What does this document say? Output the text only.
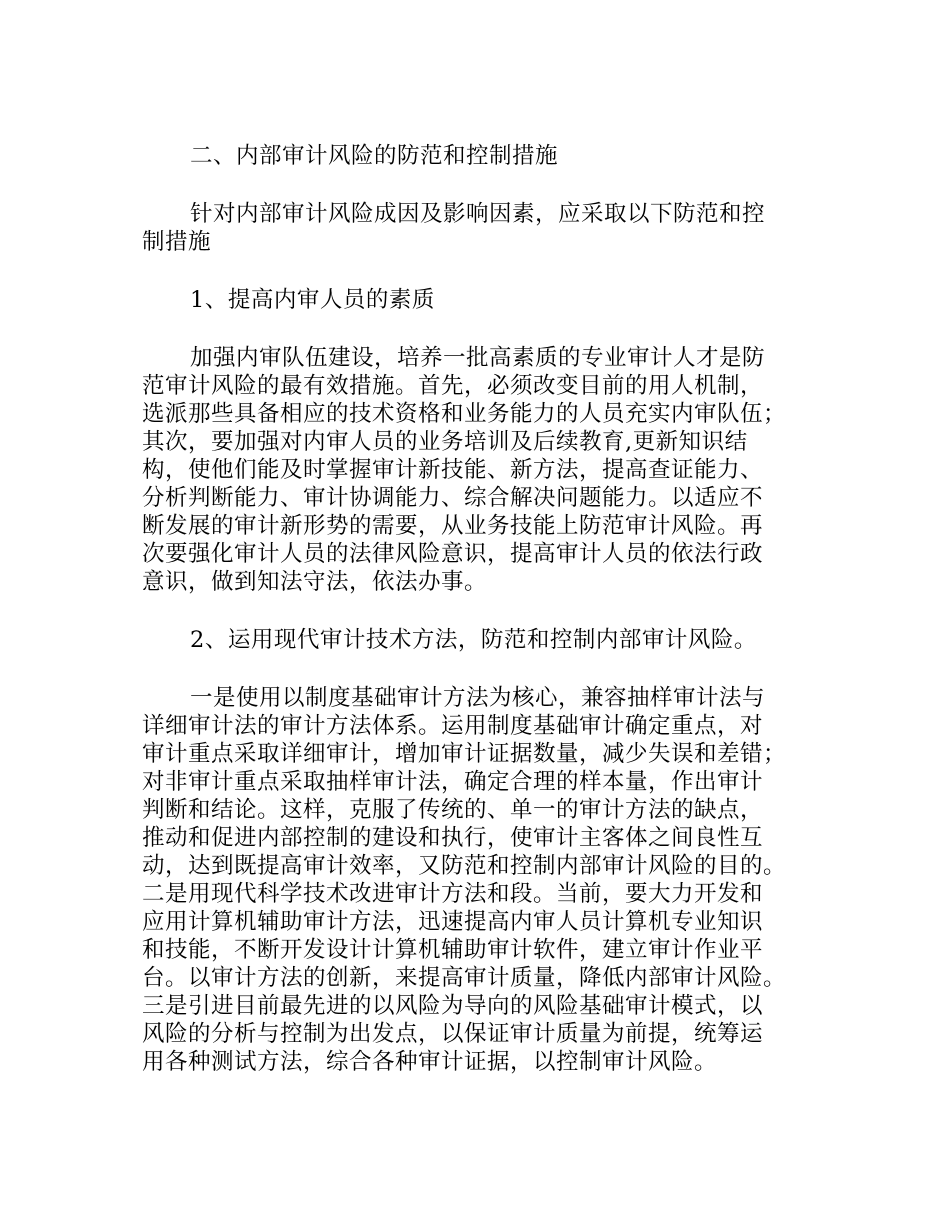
二、内部审计风险的防范和控制措施

针对内部审计风险成因及影响因素，应采取以下防范和控
制措施

1、提高内审人员的素质

加强内审队伍建设，培养一批高素质的专业审计人才是防
范审计风险的最有效措施。首先，必须改变目前的用人机制，
选派那些具备相应的技术资格和业务能力的人员充实内审队伍；
其次，要加强对内审人员的业务培训及后续教育,更新知识结
构，使他们能及时掌握审计新技能、新方法，提高查证能力、
分析判断能力、审计协调能力、综合解决问题能力。以适应不
断发展的审计新形势的需要，从业务技能上防范审计风险。再
次要强化审计人员的法律风险意识，提高审计人员的依法行政
意识，做到知法守法，依法办事。

2、运用现代审计技术方法，防范和控制内部审计风险。

一是使用以制度基础审计方法为核心，兼容抽样审计法与
详细审计法的审计方法体系。运用制度基础审计确定重点，对
审计重点采取详细审计，增加审计证据数量，减少失误和差错；
对非审计重点采取抽样审计法，确定合理的样本量，作出审计
判断和结论。这样，克服了传统的、单一的审计方法的缺点，
推动和促进内部控制的建设和执行，使审计主客体之间良性互
动，达到既提高审计效率，又防范和控制内部审计风险的目的。
二是用现代科学技术改进审计方法和段。当前，要大力开发和
应用计算机辅助审计方法，迅速提高内审人员计算机专业知识
和技能，不断开发设计计算机辅助审计软件，建立审计作业平
台。以审计方法的创新，来提高审计质量，降低内部审计风险。
三是引进目前最先进的以风险为导向的风险基础审计模式，以
风险的分析与控制为出发点，以保证审计质量为前提，统筹运
用各种测试方法，综合各种审计证据，以控制审计风险。
